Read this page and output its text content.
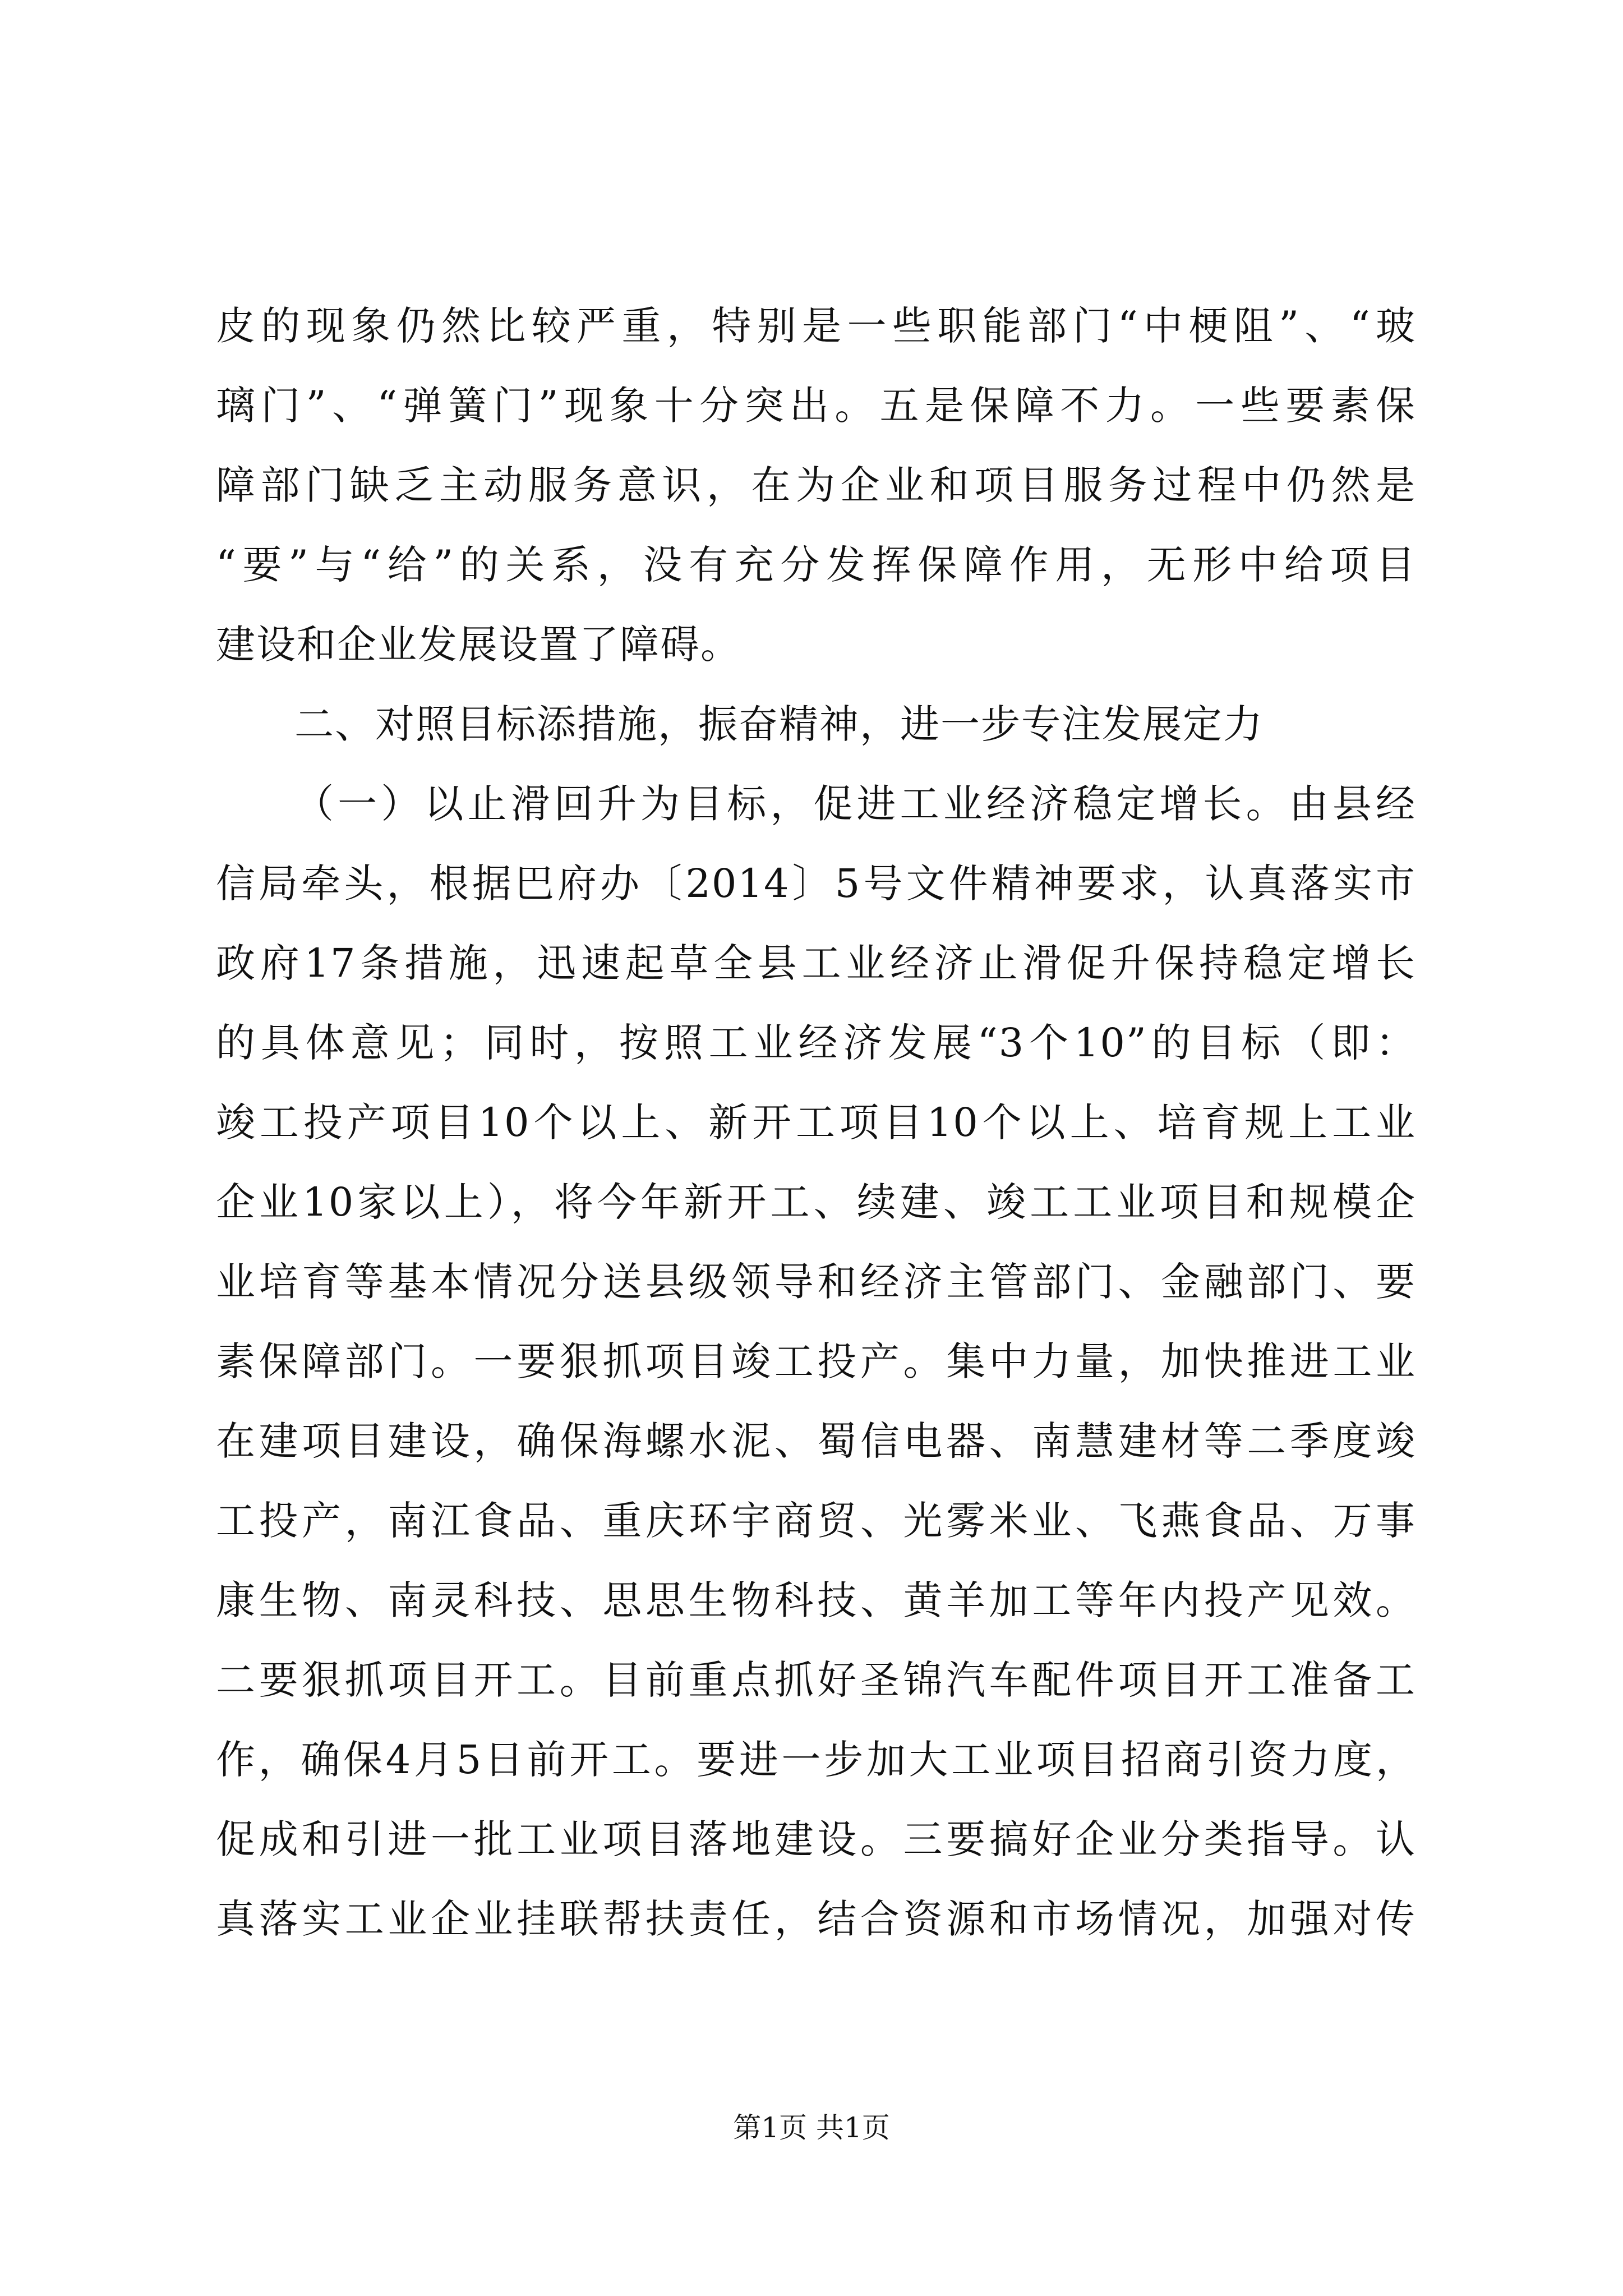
皮的现象仍然比较严重，特别是一些职能部门“中梗阻”、“玻
璃门”、“弹簧门”现象十分突出。五是保障不力。一些要素保
障部门缺乏主动服务意识，在为企业和项目服务过程中仍然是
“要”与“给”的关系，没有充分发挥保障作用，无形中给项目
建设和企业发展设置了障碍。
二、对照目标添措施，振奋精神，进一步专注发展定力
（一）以止滑回升为目标，促进工业经济稳定增长。由县经
信局牵头，根据巴府办〔2014〕5号文件精神要求，认真落实市
政府17条措施，迅速起草全县工业经济止滑促升保持稳定增长
的具体意见；同时，按照工业经济发展“3个10”的目标（即：
竣工投产项目10个以上、新开工项目10个以上、培育规上工业
企业10家以上），将今年新开工、续建、竣工工业项目和规模企
业培育等基本情况分送县级领导和经济主管部门、金融部门、要
素保障部门。一要狠抓项目竣工投产。集中力量，加快推进工业
在建项目建设，确保海螺水泥、蜀信电器、南慧建材等二季度竣
工投产，南江食品、重庆环宇商贸、光雾米业、飞燕食品、万事
康生物、南灵科技、思思生物科技、黄羊加工等年内投产见效。
二要狠抓项目开工。目前重点抓好圣锦汽车配件项目开工准备工
作，确保4月5日前开工。要进一步加大工业项目招商引资力度，
促成和引进一批工业项目落地建设。三要搞好企业分类指导。认
真落实工业企业挂联帮扶责任，结合资源和市场情况，加强对传
第1页 共1页
